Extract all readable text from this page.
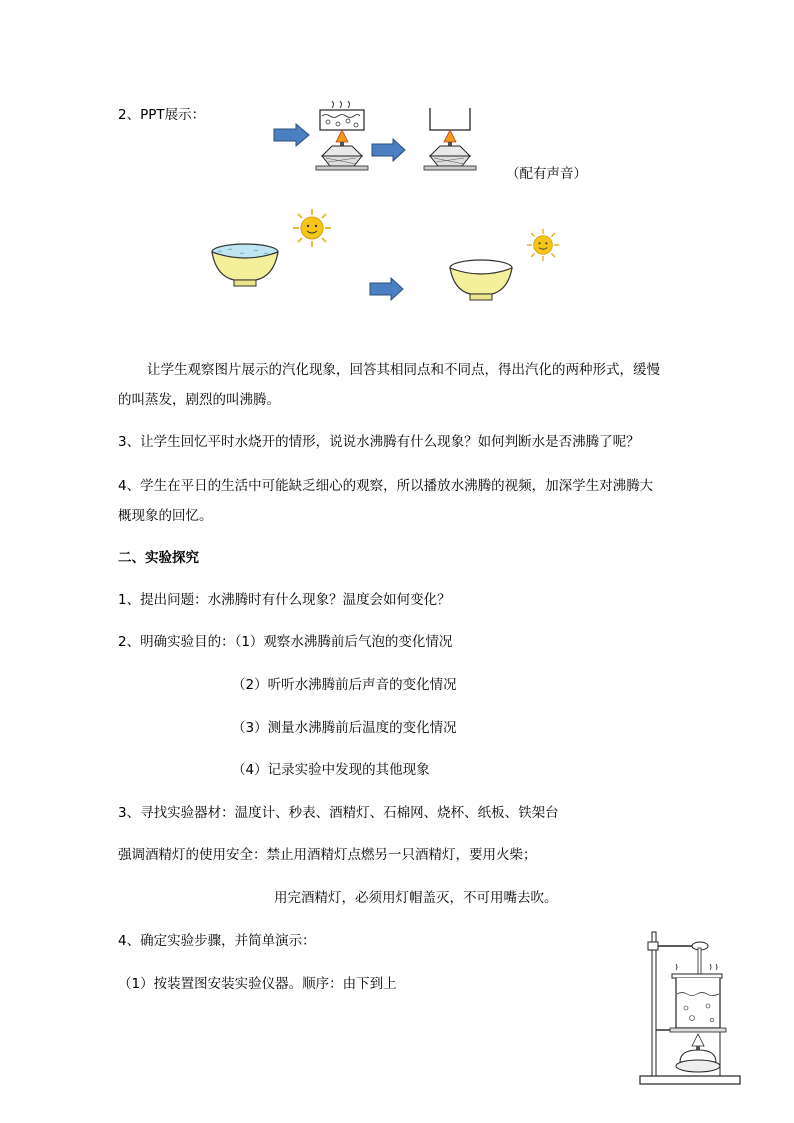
2、PPT展示：
（配有声音）
让学生观察图片展示的汽化现象，回答其相同点和不同点，得出汽化的两种形式，缓慢
的叫蒸发，剧烈的叫沸腾。
3、让学生回忆平时水烧开的情形，说说水沸腾有什么现象？如何判断水是否沸腾了呢？
4、学生在平日的生活中可能缺乏细心的观察，所以播放水沸腾的视频，加深学生对沸腾大
概现象的回忆。
二、实验探究
1、提出问题：水沸腾时有什么现象？温度会如何变化？
2、明确实验目的：（1）观察水沸腾前后气泡的变化情况
（2）听听水沸腾前后声音的变化情况
（3）测量水沸腾前后温度的变化情况
（4）记录实验中发现的其他现象
3、寻找实验器材：温度计、秒表、酒精灯、石棉网、烧杯、纸板、铁架台
强调酒精灯的使用安全：禁止用酒精灯点燃另一只酒精灯，要用火柴；
用完酒精灯，必须用灯帽盖灭，不可用嘴去吹。
4、确定实验步骤，并简单演示：
（1）按装置图安装实验仪器。顺序：由下到上
